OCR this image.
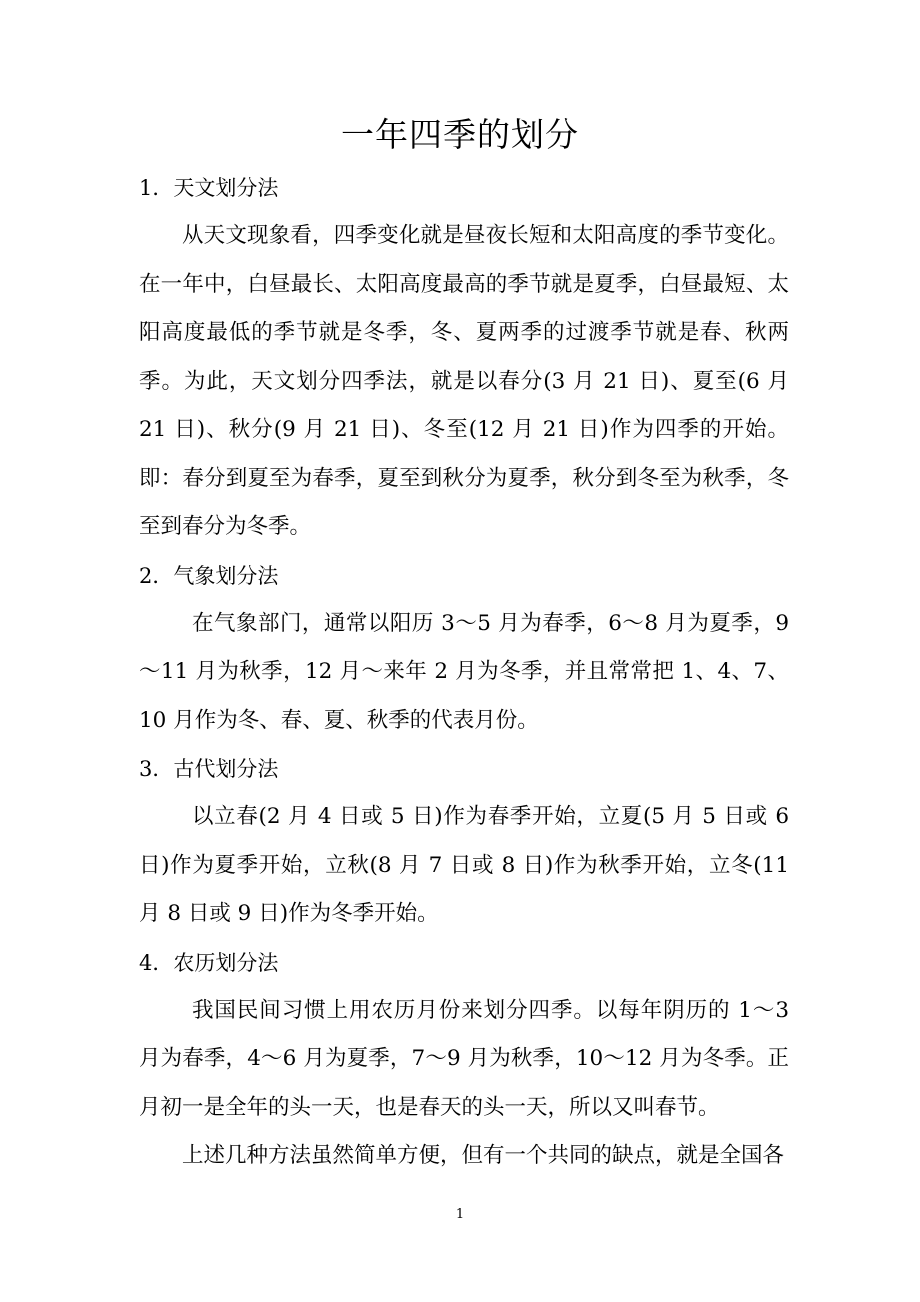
一年四季的划分
1．天文划分法

从天文现象看，四季变化就是昼夜长短和太阳高度的季节变化。在一年中，白昼最长、太阳高度最高的季节就是夏季，白昼最短、太阳高度最低的季节就是冬季，冬、夏两季的过渡季节就是春、秋两季。为此，天文划分四季法，就是以春分(3 月 21 日)、夏至(6 月 21 日)、秋分(9 月 21 日)、冬至(12 月 21 日)作为四季的开始。即：春分到夏至为春季，夏至到秋分为夏季，秋分到冬至为秋季，冬至到春分为冬季。

2．气象划分法

在气象部门，通常以阳历 3～5 月为春季，6～8 月为夏季，9～11 月为秋季，12 月～来年 2 月为冬季，并且常常把 1、4、7、10 月作为冬、春、夏、秋季的代表月份。

3．古代划分法

以立春(2 月 4 日或 5 日)作为春季开始，立夏(5 月 5 日或 6 日)作为夏季开始，立秋(8 月 7 日或 8 日)作为秋季开始，立冬(11 月 8 日或 9 日)作为冬季开始。

4．农历划分法

我国民间习惯上用农历月份来划分四季。以每年阴历的 1～3 月为春季，4～6 月为夏季，7～9 月为秋季，10～12 月为冬季。正月初一是全年的头一天，也是春天的头一天，所以又叫春节。

上述几种方法虽然简单方便，但有一个共同的缺点，就是全国各

1
